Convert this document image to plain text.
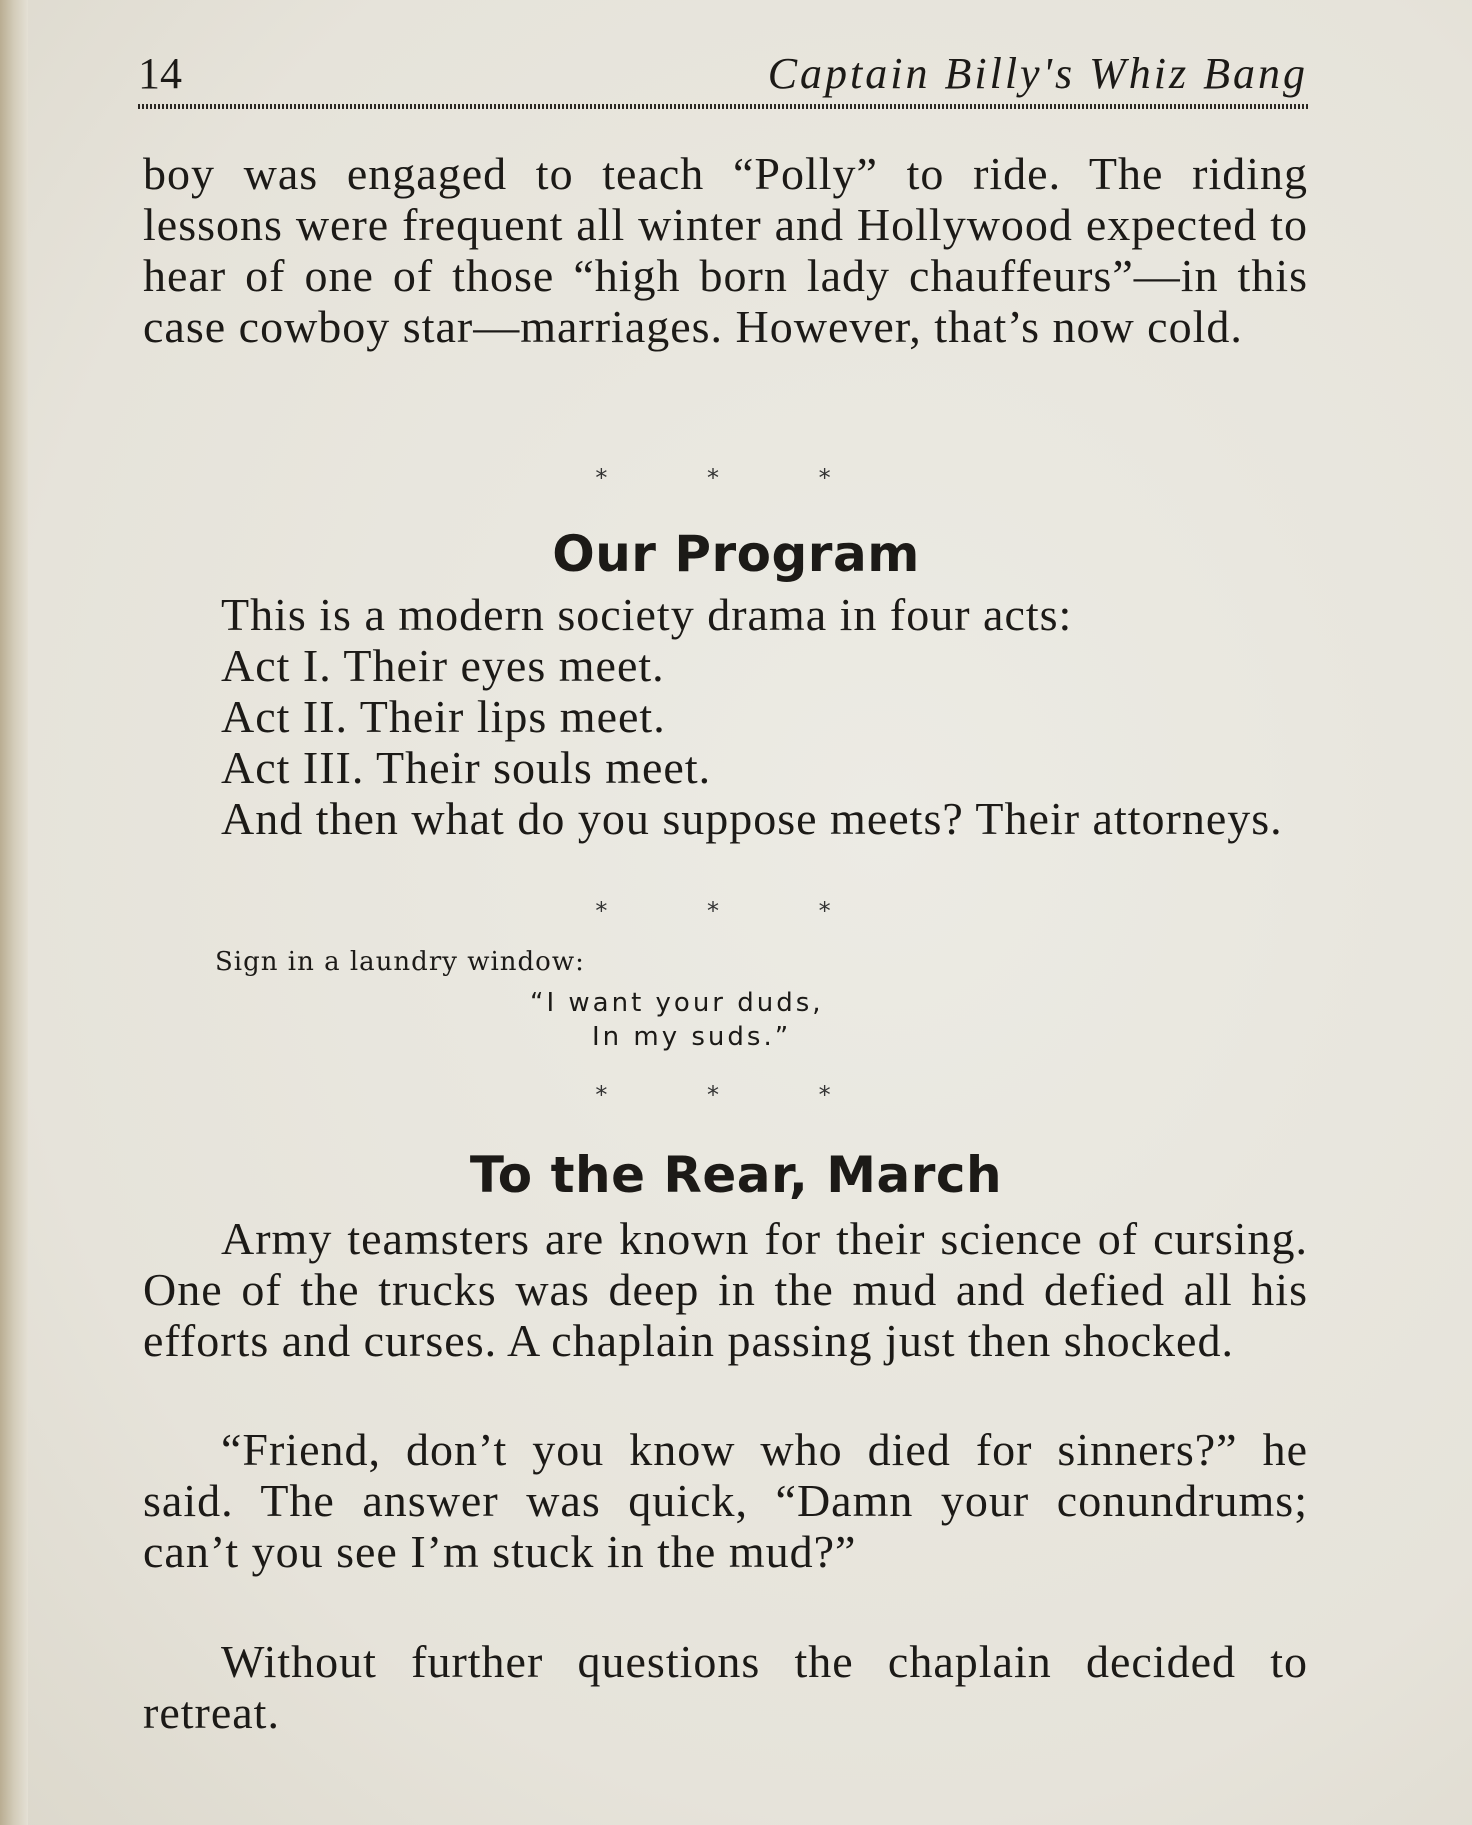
14	Captain Billy's Whiz Bang

boy was engaged to teach “Polly” to ride. The riding lessons were frequent all winter and Hollywood expected to hear of one of those “high born lady chauffeurs”—in this case cowboy star—marriages. However, that’s now cold.

* * *
Our Program
This is a modern society drama in four acts:
Act I. Their eyes meet.
Act II. Their lips meet.
Act III. Their souls meet.

And then what do you suppose meets? Their attorneys.

* * *
Sign in a laundry window:
“I want your duds,
In my suds.”
* * *
To the Rear, March

Army teamsters are known for their science of cursing. One of the trucks was deep in the mud and defied all his efforts and curses. A chaplain passing just then shocked.

“Friend, don’t you know who died for sinners?” he said. The answer was quick, “Damn your conundrums; can’t you see I’m stuck in the mud?”

Without further questions the chaplain decided to retreat.
